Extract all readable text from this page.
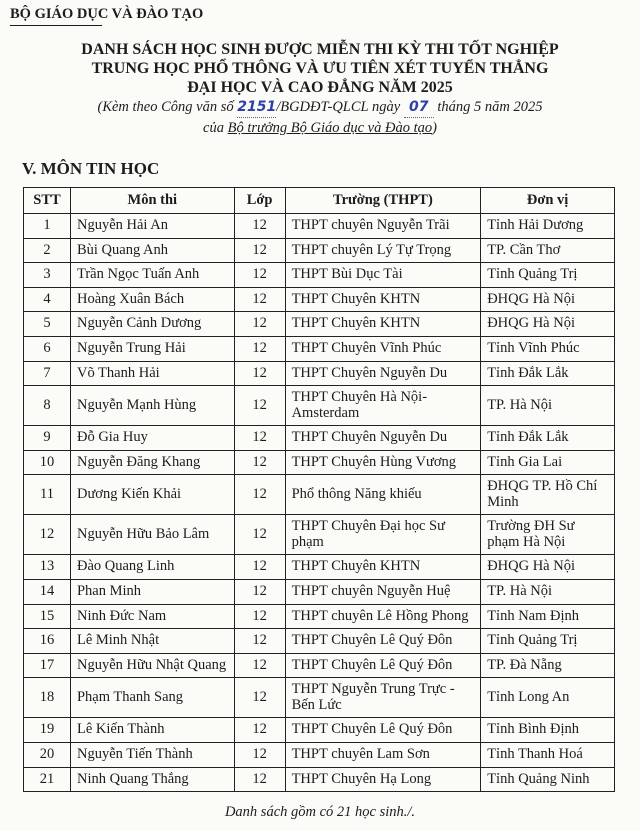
BỘ GIÁO DỤC VÀ ĐÀO TẠO
DANH SÁCH HỌC SINH ĐƯỢC MIỄN THI KỲ THI TỐT NGHIỆP
TRUNG HỌC PHỔ THÔNG VÀ ƯU TIÊN XÉT TUYỂN THẲNG
ĐẠI HỌC VÀ CAO ĐẲNG NĂM 2025
(Kèm theo Công văn số 2151/BGDĐT-QLCL ngày 07 tháng 5 năm 2025
của Bộ trưởng Bộ Giáo dục và Đào tạo)
V. MÔN TIN HỌC
STT	Môn thi	Lớp	Trường (THPT)	Đơn vị
1	Nguyễn Hải An	12	THPT chuyên Nguyễn Trãi	Tỉnh Hải Dương
2	Bùi Quang Anh	12	THPT chuyên Lý Tự Trọng	TP. Cần Thơ
3	Trần Ngọc Tuấn Anh	12	THPT Bùi Dục Tài	Tỉnh Quảng Trị
4	Hoàng Xuân Bách	12	THPT Chuyên KHTN	ĐHQG Hà Nội
5	Nguyễn Cảnh Dương	12	THPT Chuyên KHTN	ĐHQG Hà Nội
6	Nguyễn Trung Hải	12	THPT Chuyên Vĩnh Phúc	Tỉnh Vĩnh Phúc
7	Võ Thanh Hải	12	THPT Chuyên Nguyễn Du	Tỉnh Đắk Lắk
8	Nguyễn Mạnh Hùng	12	THPT Chuyên Hà Nội-Amsterdam	TP. Hà Nội
9	Đỗ Gia Huy	12	THPT Chuyên Nguyễn Du	Tỉnh Đắk Lắk
10	Nguyễn Đăng Khang	12	THPT Chuyên Hùng Vương	Tỉnh Gia Lai
11	Dương Kiến Khải	12	Phổ thông Năng khiếu	ĐHQG TP. Hồ Chí Minh
12	Nguyễn Hữu Bảo Lâm	12	THPT Chuyên Đại học Sư phạm	Trường ĐH Sư phạm Hà Nội
13	Đào Quang Linh	12	THPT Chuyên KHTN	ĐHQG Hà Nội
14	Phan Minh	12	THPT chuyên Nguyễn Huệ	TP. Hà Nội
15	Ninh Đức Nam	12	THPT chuyên Lê Hồng Phong	Tỉnh Nam Định
16	Lê Minh Nhật	12	THPT Chuyên Lê Quý Đôn	Tỉnh Quảng Trị
17	Nguyễn Hữu Nhật Quang	12	THPT Chuyên Lê Quý Đôn	TP. Đà Nẵng
18	Phạm Thanh Sang	12	THPT Nguyễn Trung Trực - Bến Lức	Tỉnh Long An
19	Lê Kiến Thành	12	THPT Chuyên Lê Quý Đôn	Tỉnh Bình Định
20	Nguyễn Tiến Thành	12	THPT chuyên Lam Sơn	Tỉnh Thanh Hoá
21	Ninh Quang Thắng	12	THPT Chuyên Hạ Long	Tỉnh Quảng Ninh
Danh sách gồm có 21 học sinh./.
